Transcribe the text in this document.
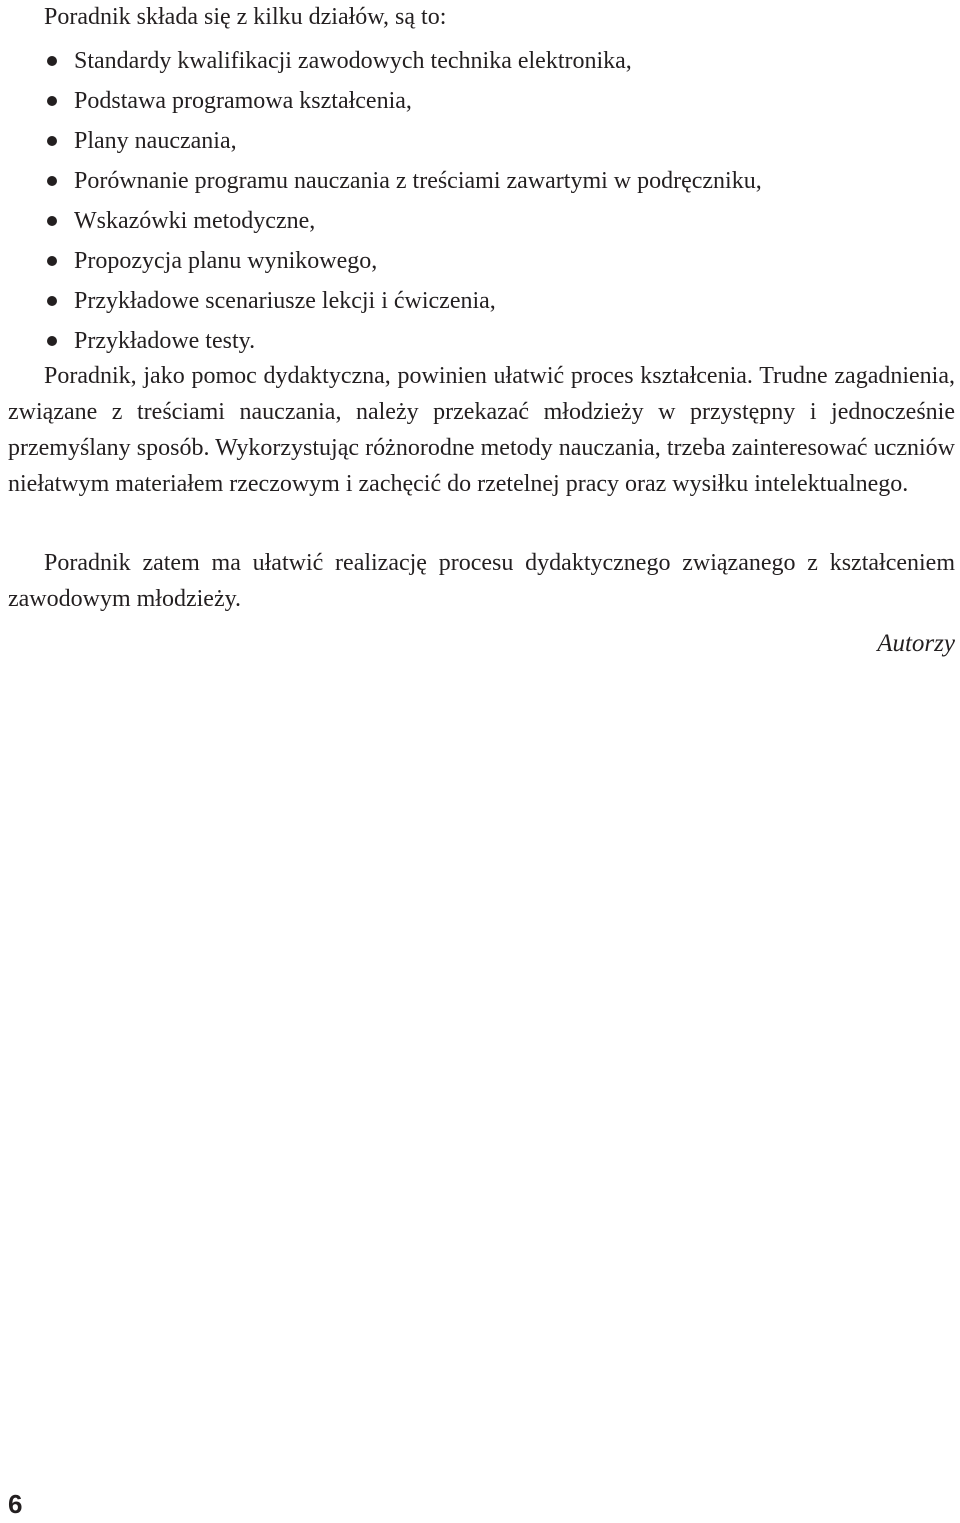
Poradnik składa się z kilku działów, są to:

Standardy kwalifikacji zawodowych technika elektronika,
Podstawa programowa kształcenia,
Plany nauczania,
Porównanie programu nauczania z treściami zawartymi w podręczniku,
Wskazówki metodyczne,
Propozycja planu wynikowego,
Przykładowe scenariusze lekcji i ćwiczenia,
Przykładowe testy.

Poradnik, jako pomoc dydaktyczna, powinien ułatwić proces kształcenia. Trudne zagadnienia, związane z treściami nauczania, należy przekazać młodzieży w przystępny i jednocześnie przemyślany sposób. Wykorzystując różnorodne metody nauczania, trzeba zainteresować uczniów niełatwym materiałem rzeczowym i zachęcić do rzetelnej pracy oraz wysiłku intelektualnego.

Poradnik zatem ma ułatwić realizację procesu dydaktycznego związanego z kształceniem zawodowym młodzieży.

Autorzy

6
